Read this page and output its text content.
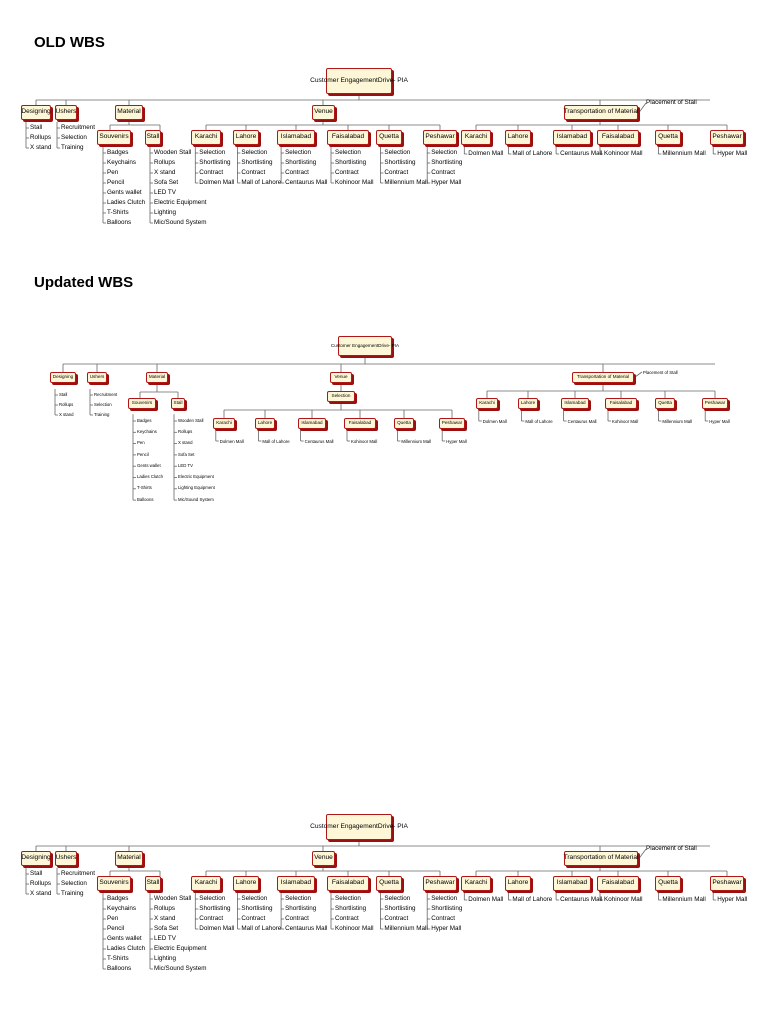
OLD WBS
Updated WBS
Customer Engagement Drive- PIA
Designing Ushers	Material	Venue	Transportation of Material
Placement of Stall
Stall
Rollups
X stand
Recruitment
Selection
Training
Souvenirs	Stall
Badges
Keychains
Pen
Pencil
Gents wallet
Ladies Clutch
T-Shirts
Balloons
Wooden Stall
Rollups
X stand
Sofa Set
LED TV
Electric Equipment
Lighting
Mic/Sound System
Karachi
Selection
Shortlisting
Contract
Dolmen Mall
Lahore
Selection
Shortlisting
Contract
Mall of Lahore
Islamabad
Selection
Shortlisting
Contract
Centaurus Mall
Faisalabad
Selection
Shortlisting
Contract
Kohinoor Mall
Quetta
Selection
Shortlisting
Contract
Millennium Mall
Peshawar
Selection
Shortlisting
Contract
Hyper Mall
Karachi
Dolmen Mall
Lahore
Mall of Lahore
Islamabad
Centaurus Mall
Faisalabad
Kohinoor Mall
Quetta
Millennium Mall
Peshawar
Hyper Mall
Customer Engagement Drive- PIA
Designing	Ushers	Material	Venue	Transportation of Material
Placement of Stall
Stall
Rollups
X stand
Recruitment
Selection
Training
Souvenirs	Stall
Badges
Keychains
Pen
Pencil
Gents wallet
Ladies Clutch
T-Shirts
Balloons
Wooden Stall
Rollups
X stand
Sofa Set
LED TV
Electric Equipment
Lighting Equipment
Mic/Sound System
Selection
Karachi
Dolmen Mall
Lahore
Mall of Lahore
Islamabad
Centaurus Mall
Faisalabad
Kohinoor Mall
Quetta
Millennium Mall
Peshawar
Hyper Mall
Karachi
Dolmen Mall
Lahore
Mall of Lahore
Islamabad
Centaurus Mall
Faisalabad
Kohinoor Mall
Quetta
Millennium Mall
Peshawar
Hyper Mall
Customer Engagement Drive- PIA
Designing Ushers	Material	Venue	Transportation of Material
Placement of Stall
Stall
Rollups
X stand
Recruitment
Selection
Training
Souvenirs	Stall
Badges
Keychains
Pen
Pencil
Gents wallet
Ladies Clutch
T-Shirts
Balloons
Wooden Stall
Rollups
X stand
Sofa Set
LED TV
Electric Equipment
Lighting
Mic/Sound System
Karachi
Selection
Shortlisting
Contract
Dolmen Mall
Lahore
Selection
Shortlisting
Contract
Mall of Lahore
Islamabad
Selection
Shortlisting
Contract
Centaurus Mall
Faisalabad
Selection
Shortlisting
Contract
Kohinoor Mall
Quetta
Selection
Shortlisting
Contract
Millennium Mall
Peshawar
Selection
Shortlisting
Contract
Hyper Mall
Karachi
Dolmen Mall
Lahore
Mall of Lahore
Islamabad
Centaurus Mall
Faisalabad
Kohinoor Mall
Quetta
Millennium Mall
Peshawar
Hyper Mall
